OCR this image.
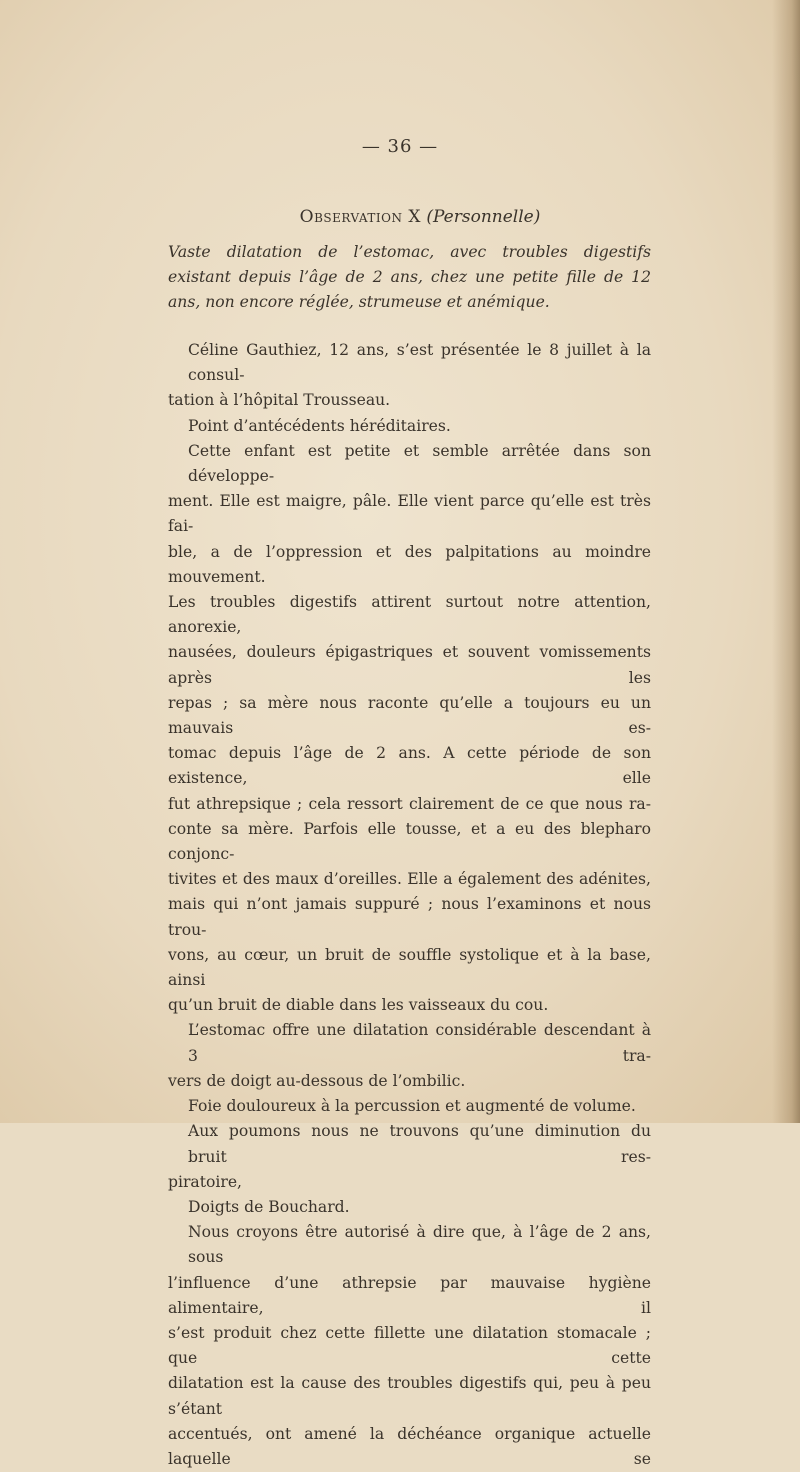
— 36 —
Observation X (Personnelle)
Vaste dilatation de l’estomac, avec troubles digestifs existant depuis l’âge de 2 ans, chez une petite fille de 12 ans, non encore réglée, strumeuse et anémique.
Céline Gauthiez, 12 ans, s’est présentée le 8 juillet à la consul-
tation à l’hôpital Trousseau.
Point d’antécédents héréditaires.
Cette enfant est petite et semble arrêtée dans son développe-
ment. Elle est maigre, pâle. Elle vient parce qu’elle est très fai-
ble, a de l’oppression et des palpitations au moindre mouvement.
Les troubles digestifs attirent surtout notre attention, anorexie,
nausées, douleurs épigastriques et souvent vomissements après les
repas ; sa mère nous raconte qu’elle a toujours eu un mauvais es-
tomac depuis l’âge de 2 ans. A cette période de son existence, elle
fut athrepsique ; cela ressort clairement de ce que nous ra-
conte sa mère. Parfois elle tousse, et a eu des blepharo conjonc-
tivites et des maux d’oreilles. Elle a également des adénites,
mais qui n’ont jamais suppuré ; nous l’examinons et nous trou-
vons, au cœur, un bruit de souffle systolique et à la base, ainsi
qu’un bruit de diable dans les vaisseaux du cou.
L’estomac offre une dilatation considérable descendant à 3 tra-
vers de doigt au-dessous de l’ombilic.
Foie douloureux à la percussion et augmenté de volume.
Aux poumons nous ne trouvons qu’une diminution du bruit res-
piratoire,
Doigts de Bouchard.
Nous croyons être autorisé à dire que, à l’âge de 2 ans, sous
l’influence d’une athrepsie par mauvaise hygiène alimentaire, il
s’est produit chez cette fillette une dilatation stomacale ; que cette
dilatation est la cause des troubles digestifs qui, peu à peu s’étant
accentués, ont amené la déchéance organique actuelle laquelle se
